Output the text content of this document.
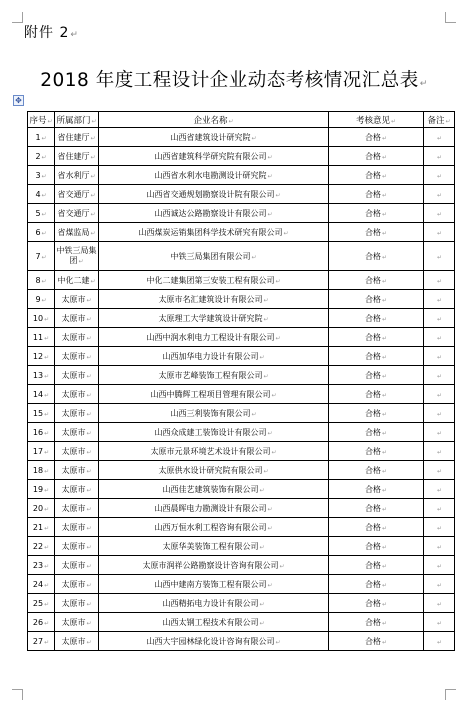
附件 2↵
2018 年度工程设计企业动态考核情况汇总表↵
✥
序号↵	所属部门↵	企业名称↵	考核意见↵	备注↵
1↵	省住建厅↵	山西省建筑设计研究院↵	合格↵	↵
2↵	省住建厅↵	山西省建筑科学研究院有限公司↵	合格↵	↵
3↵	省水利厅↵	山西省水利水电勘测设计研究院↵	合格↵	↵
4↵	省交通厅↵	山西省交通规划勘察设计院有限公司↵	合格↵	↵
5↵	省交通厅↵	山西诚达公路勘察设计有限公司↵	合格↵	↵
6↵	省煤监局↵	山西煤炭运销集团科学技术研究有限公司↵	合格↵	↵
7↵	中铁三局集团↵	中铁三局集团有限公司↵	合格↵	↵
8↵	中化二建↵	中化二建集团第三安装工程有限公司↵	合格↵	↵
9↵	太原市↵	太原市名汇建筑设计有限公司↵	合格↵	↵
10↵	太原市↵	太原理工大学建筑设计研究院↵	合格↵	↵
11↵	太原市↵	山西中润水利电力工程设计有限公司↵	合格↵	↵
12↵	太原市↵	山西加华电力设计有限公司↵	合格↵	↵
13↵	太原市↵	太原市艺峰装饰工程有限公司↵	合格↵	↵
14↵	太原市↵	山西中腾辉工程项目管理有限公司↵	合格↵	↵
15↵	太原市↵	山西三利装饰有限公司↵	合格↵	↵
16↵	太原市↵	山西众成建工装饰设计有限公司↵	合格↵	↵
17↵	太原市↵	太原市元景环境艺术设计有限公司↵	合格↵	↵
18↵	太原市↵	太原供水设计研究院有限公司↵	合格↵	↵
19↵	太原市↵	山西佳艺建筑装饰有限公司↵	合格↵	↵
20↵	太原市↵	山西晨晖电力勘测设计有限公司↵	合格↵	↵
21↵	太原市↵	山西万恒水利工程咨询有限公司↵	合格↵	↵
22↵	太原市↵	太原华美装饰工程有限公司↵	合格↵	↵
23↵	太原市↵	太原市润祥公路勘察设计咨询有限公司↵	合格↵	↵
24↵	太原市↵	山西中建南方装饰工程有限公司↵	合格↵	↵
25↵	太原市↵	山西精拓电力设计有限公司↵	合格↵	↵
26↵	太原市↵	山西太钢工程技术有限公司↵	合格↵	↵
27↵	太原市↵	山西大宇园林绿化设计咨询有限公司↵	合格↵	↵
